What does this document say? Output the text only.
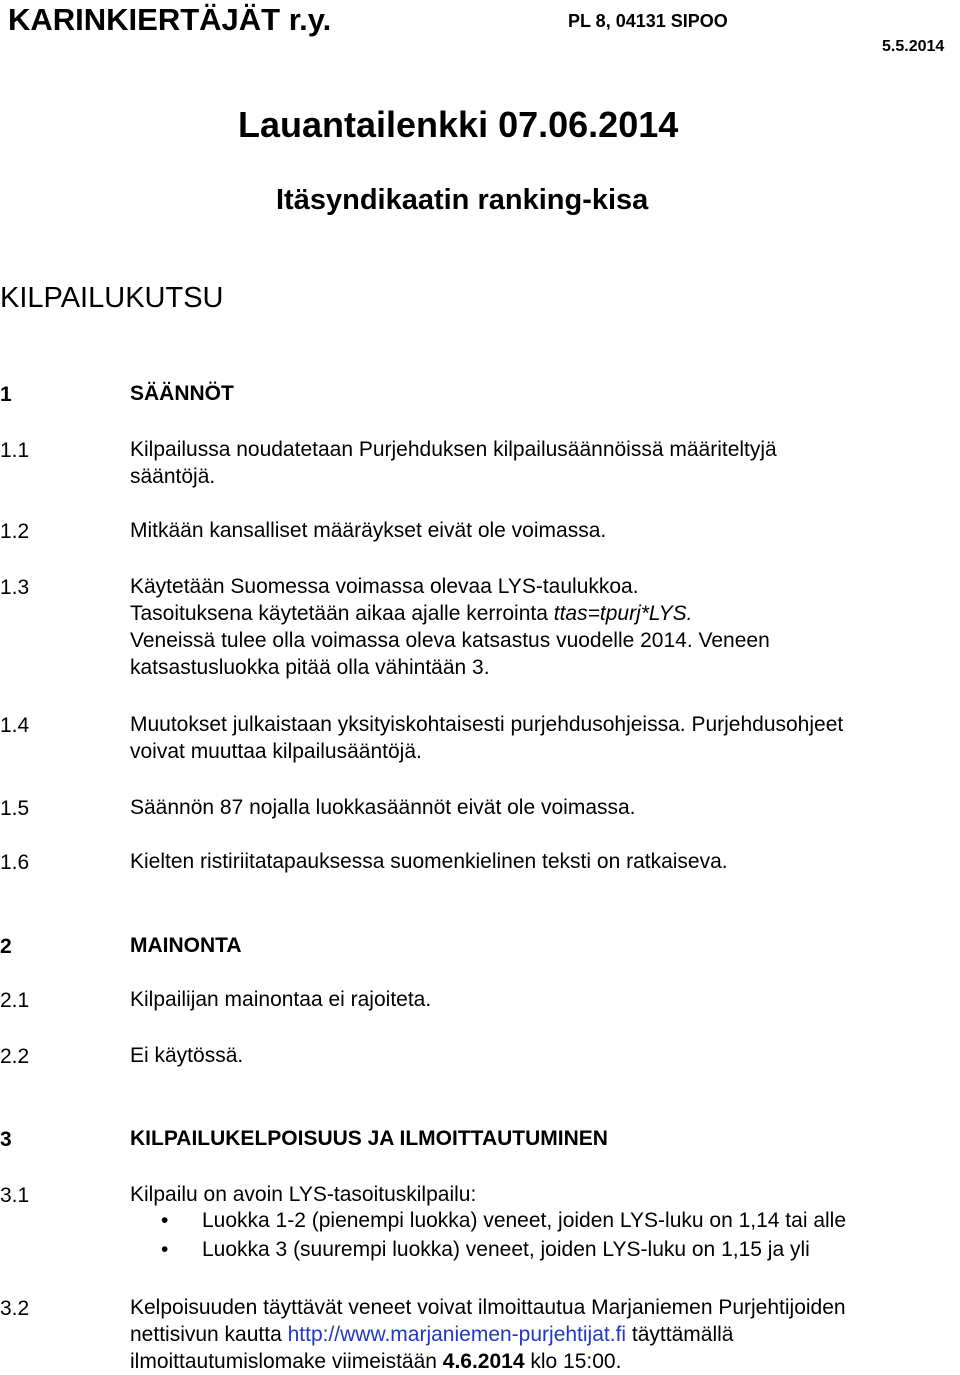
KARINKIERTÄJÄT r.y.	PL 8, 04131 SIPOO
5.5.2014
Lauantailenkki 07.06.2014
Itäsyndikaatin ranking-kisa
KILPAILUKUTSU
1	SÄÄNNÖT
1.1	Kilpailussa noudatetaan Purjehduksen kilpailusäännöissä määriteltyjä
sääntöjä.
1.2	Mitkään kansalliset määräykset eivät ole voimassa.
1.3	Käytetään Suomessa voimassa olevaa LYS-taulukkoa.
Tasoituksena käytetään aikaa ajalle kerrointa ttas=tpurj*LYS.
Veneissä tulee olla voimassa oleva katsastus vuodelle 2014. Veneen
katsastusluokka pitää olla vähintään 3.
1.4	Muutokset julkaistaan yksityiskohtaisesti purjehdusohjeissa. Purjehdusohjeet
voivat muuttaa kilpailusääntöjä.
1.5	Säännön 87 nojalla luokkasäännöt eivät ole voimassa.
1.6	Kielten ristiriitatapauksessa suomenkielinen teksti on ratkaiseva.
2	MAINONTA
2.1	Kilpailijan mainontaa ei rajoiteta.
2.2	Ei käytössä.
3	KILPAILUKELPOISUUS JA ILMOITTAUTUMINEN
3.1	Kilpailu on avoin LYS-tasoituskilpailu:
• Luokka 1-2 (pienempi luokka) veneet, joiden LYS-luku on 1,14 tai alle
• Luokka 3 (suurempi luokka) veneet, joiden LYS-luku on 1,15 ja yli
3.2	Kelpoisuuden täyttävät veneet voivat ilmoittautua Marjaniemen Purjehtijoiden
nettisivun kautta http://www.marjaniemen-purjehtijat.fi täyttämällä
ilmoittautumislomake viimeistään 4.6.2014 klo 15:00.
